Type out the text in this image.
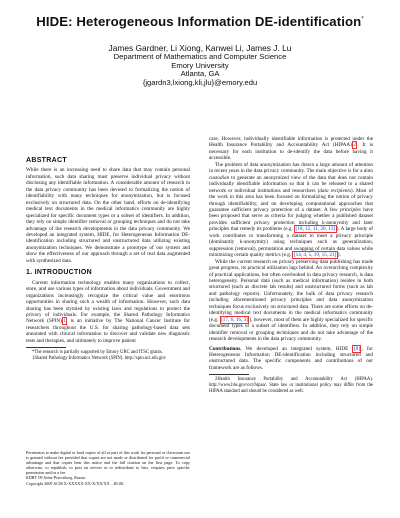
HIDE: Heterogeneous Information DE-identification*
James Gardner, Li Xiong, Kanwei Li, James J. Lu
Department of Mathematics and Computer Science
Emory University
Atlanta, GA
{jgardn3,lxiong,kli,jlu}@emory.edu
ABSTRACT

While there is an increasing need to share data that may contain personal information, such data sharing must preserve individual privacy without disclosing any identifiable information. A considerable amount of research in the data privacy community has been devoted to formalizing the notion of identifiability with many techniques for anonymization, but is focused exclusively on structured data. On the other hand, efforts on de-identifying medical text documents in the medical informatics community are highly specialized for specific document types or a subset of identifiers. In addition, they rely on simple identifier removal or grouping techniques and do not take advantage of the research developments in the data privacy community. We developed an integrated system, HIDE, for Heterogeneous Information DE-identification including structured and unstructured data utilizing existing anonymization techniques. We demonstrate a prototype of our system and show the effectiveness of our approach through a set of real data augmented with synthesized data.

1. INTRODUCTION

Current information technology enables many organizations to collect, store, and use various types of information about individuals. Government and organizations increasingly recognize the critical value and enormous opportunities in sharing such a wealth of information. However, such data sharing has been stymied by existing laws and regulations to protect the privacy of individuals. For example, the Shared Pathology Informatics Network (SPIN) 1 is an initiative by The National Cancer Institute for researchers throughout the U.S. for sharing pathology-based data sets annotated with clinical information to discover and validate new diagnostic tests and therapies, and ultimately to improve patient

*The research is partially supported by Emory URC and ITSC grants.

1Shared Pathology Informatics Network (SPIN). http://spin.nci.nih.gov

Permission to make digital or hard copies of all or part of this work for personal or classroom use is granted without fee provided that copies are not made or distributed for profit or commercial advantage and that copies bear this notice and the full citation on the first page. To copy otherwise, to republish, to post on servers or to redistribute to lists, requires prior specific permission and/or a fee.
EDBT '09 Saint-Petersburg, Russia
Copyright 2009 ACM X-XXXXX-XX-X/XX/XX ...$5.00.

care. However, individually identifiable information is protected under the Health Insurance Portability and Accountability Act (HIPAA) 2 . It is necessary for each institution to de-identify the data before having it accessible.

The problem of data anonymization has drawn a large amount of attention in recent years in the data privacy community. The main objective is for a data custodian to generate an anonymized view of the data that does not contain individually identifiable information so that it can be released to a shared network or individual institutions and researchers (data recipients). Most of the work in this area has been focused on formalizing the notion of privacy through identifiability, and on developing computational approaches that guarantee sufficient privacy protection of a dataset. A few principles have been proposed that serve as criteria for judging whether a published dataset provides sufficient privacy protection including k-anonymity and later principles that remedy its problems (e.g. [18, 12, 11, 20, 13] ). A large body of work contributes to transforming a dataset to meet a privacy principle (dominantly k-anonymity) using techniques such as generalization, suppression (removal), permutation and swapping of certain data values while minimizing certain quality metrics (e.g. [14, 4, 5, 19, 15, 21] ).

While the current research on privacy preserving data publishing has made great progress, its practical utilization lags behind. An overarching complexity of practical applications, but often overlooked in data privacy research, is data heterogeneity. Personal data (such as medical information) resides in both structured (such as discrete lab results) and unstructured forms (such as lab and pathology reports). Unfortunately, the bulk of data privacy research including aforementioned privacy principles and data anonymization techniques focus exclusively on structured data. There are some efforts on de-identifying medical text documents in the medical informatics community (e.g. [17, 6, 16, 3] ), however, most of them are highly specialized for specific document types or a subset of identifiers. In addition, they rely on simple identifier removal or grouping techniques and do not take advantage of the research developments in the data privacy community.

Contributions. We developed an integrated system, HIDE [8] , for Heterogeneous Information DE-identification including structured and unstructured data. The specific components and contributions of our framework are as follows.

2Health Insurance Portability and Accountability Act (HIPAA). http://www.hhs.gov/ocr/hipaa/. State law or institutional policy may differ from the HIPAA standard and should be considered as well.
